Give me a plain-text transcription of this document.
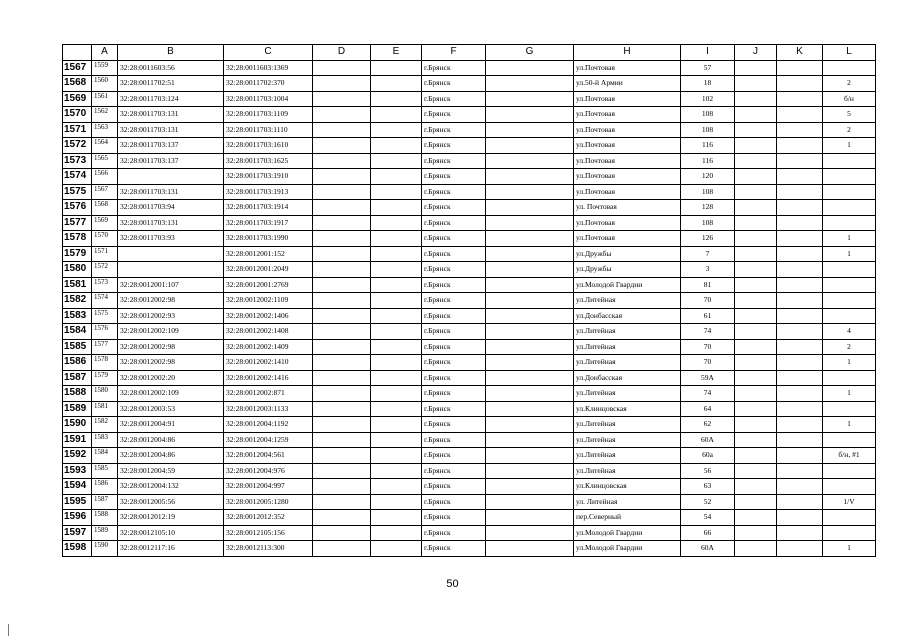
	A	B	C	D	E	F	G	H	I	J	K	L
1567	1559	32:28:0011603:56	32:28:0011603:1369			г.Брянск		ул.Почтовая	57			
1568	1560	32:28:0011702:51	32:28:0011702:370			г.Брянск		ул.50-й Армии	18			2
1569	1561	32:28:0011703:124	32:28:0011703:1004			г.Брянск		ул.Почтовая	102			б/н
1570	1562	32:28:0011703:131	32:28:0011703:1109			г.Брянск		ул.Почтовая	108			5
1571	1563	32:28:0011703:131	32:28:0011703:1110			г.Брянск		ул.Почтовая	108			2
1572	1564	32:28:0011703:137	32:28:0011703:1610			г.Брянск		ул.Почтовая	116			1
1573	1565	32:28:0011703:137	32:28:0011703:1625			г.Брянск		ул.Почтовая	116			
1574	1566		32:28:0011703:1910			г.Брянск		ул.Почтовая	120			
1575	1567	32:28:0011703:131	32:28:0011703:1913			г.Брянск		ул.Почтовая	108			
1576	1568	32:28:0011703:94	32:28:0011703:1914			г.Брянск		ул. Почтовая	128			
1577	1569	32:28:0011703:131	32:28:0011703:1917			г.Брянск		ул.Почтовая	108			
1578	1570	32:28:0011703:93	32:28:0011703:1990			г.Брянск		ул.Почтовая	126			1
1579	1571		32:28:0012001:152			г.Брянск		ул.Дружбы	7			1
1580	1572		32:28:0012001:2049			г.Брянск		ул.Дружбы	3			
1581	1573	32:28:0012001:107	32:28:0012001:2769			г.Брянск		ул.Молодой Гвардии	81			
1582	1574	32:28:0012002:98	32:28:0012002:1109			г.Брянск		ул.Литейная	70			
1583	1575	32:28:0012002:93	32:28:0012002:1406			г.Брянск		ул.Донбасская	61			
1584	1576	32:28:0012002:109	32:28:0012002:1408			г.Брянск		ул.Литейная	74			4
1585	1577	32:28:0012002:98	32:28:0012002:1409			г.Брянск		ул.Литейная	70			2
1586	1578	32:28:0012002:98	32:28:0012002:1410			г.Брянск		ул.Литейная	70			1
1587	1579	32:28:0012002:20	32:28:0012002:1416			г.Брянск		ул.Донбасская	59А			
1588	1580	32:28:0012002:109	32:28:0012002:871			г.Брянск		ул.Литейная	74			1
1589	1581	32:28:0012003:53	32:28:0012003:1133			г.Брянск		ул.Клинцовская	64			
1590	1582	32:28:0012004:91	32:28:0012004:1192			г.Брянск		ул.Литейная	62			1
1591	1583	32:28:0012004:86	32:28:0012004:1259			г.Брянск		ул.Литейная	60А			
1592	1584	32:28:0012004:86	32:28:0012004:561			г.Брянск		ул.Литейная	60а			б/н, #1
1593	1585	32:28:0012004:59	32:28:0012004:976			г.Брянск		ул.Литейная	56			
1594	1586	32:28:0012004:132	32:28:0012004:997			г.Брянск		ул.Клинцовская	63			
1595	1587	32:28:0012005:56	32:28:0012005:1280			г.Брянск		ул. Литейная	52			1/V
1596	1588	32:28:0012012:19	32:28:0012012:352			г.Брянск		пер.Северный	54			
1597	1589	32:28:0012105:10	32:28:0012105:156			г.Брянск		ул.Молодой Гвардии	66			
1598	1590	32:28:0012117:16	32:28:0012113:300			г.Брянск		ул.Молодой Гвардии	60А			1
50
